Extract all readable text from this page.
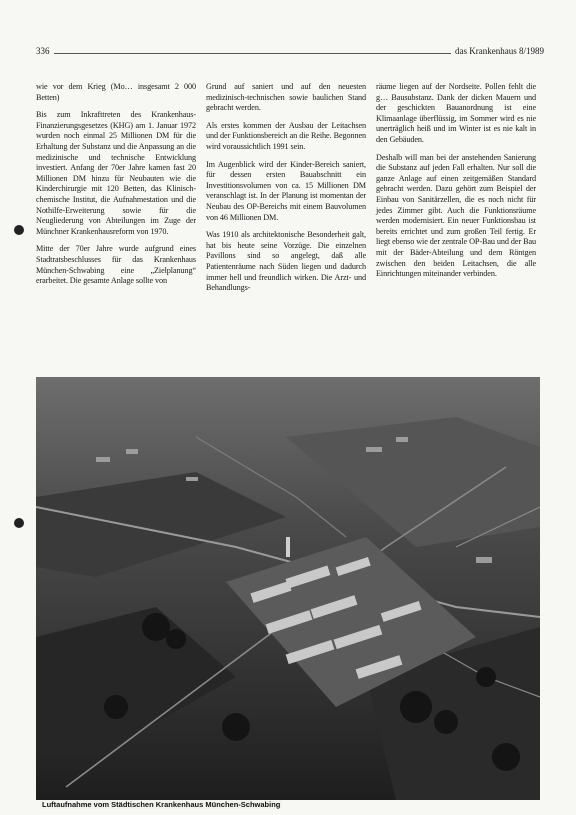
336	das Krankenhaus 8/1989

wie vor dem Krieg (Mo… insgesamt 2 000 Betten)

Bis zum Inkrafttreten des Krankenhaus-Finanzierungsgesetzes (KHG) am 1. Januar 1972 wurden noch einmal 25 Millionen DM für die Erhaltung der Substanz und die Anpassung an die medizinische und technische Entwicklung investiert. Anfang der 70er Jahre kamen fast 20 Millionen DM hinzu für Neubauten wie die Kinderchirurgie mit 120 Betten, das Klinisch-chemische Institut, die Aufnahmestation und die Nothilfe-Erweiterung sowie für die Neugliederung von Abteilungen im Zuge der Münchner Krankenhausreform von 1970.

Mitte der 70er Jahre wurde aufgrund eines Stadtratsbeschlusses für das Krankenhaus München-Schwabing eine „Zielplanung“ erarbeitet. Die gesamte Anlage sollte von

Grund auf saniert und auf den neuesten medizinisch-technischen sowie baulichen Stand gebracht werden.

Als erstes kommen der Ausbau der Leitachsen und der Funktionsbereich an die Reihe. Begonnen wird voraussichtlich 1991 sein.

Im Augenblick wird der Kinder-Bereich saniert, für dessen ersten Bauabschnitt ein Investitionsvolumen von ca. 15 Millionen DM veranschlagt ist. In der Planung ist momentan der Neubau des OP-Bereichs mit einem Bauvolumen von 46 Millionen DM.

Was 1910 als architektonische Besonderheit galt, hat bis heute seine Vorzüge. Die einzelnen Pavillons sind so angelegt, daß alle Patientenräume nach Süden liegen und dadurch immer hell und freundlich wirken. Die Arzt- und Behandlungs-

räume liegen auf der Nordseite. Pollen fehlt die g… Bausubstanz. Dank der dicken Mauern und der geschickten Bauanordnung ist eine Klimaanlage überflüssig, im Sommer wird es nie unerträglich heiß und im Winter ist es nie kalt in den Gebäuden.

Deshalb will man bei der anstehenden Sanierung die Substanz auf jeden Fall erhalten. Nur soll die ganze Anlage auf einen zeitgemäßen Standard gebracht werden. Dazu gehört zum Beispiel der Einbau von Sanitärzellen, die es noch nicht für jedes Zimmer gibt. Auch die Funktionsräume werden modernisiert. Ein neuer Funktionsbau ist bereits errichtet und zum großen Teil fertig. Er liegt ebenso wie der zentrale OP-Bau und der Bau mit der Bäder-Abteilung und dem Röntgen zwischen den beiden Leitachsen, die alle Einrichtungen miteinander verbinden.

Luftaufnahme vom Städtischen Krankenhaus München-Schwabing
